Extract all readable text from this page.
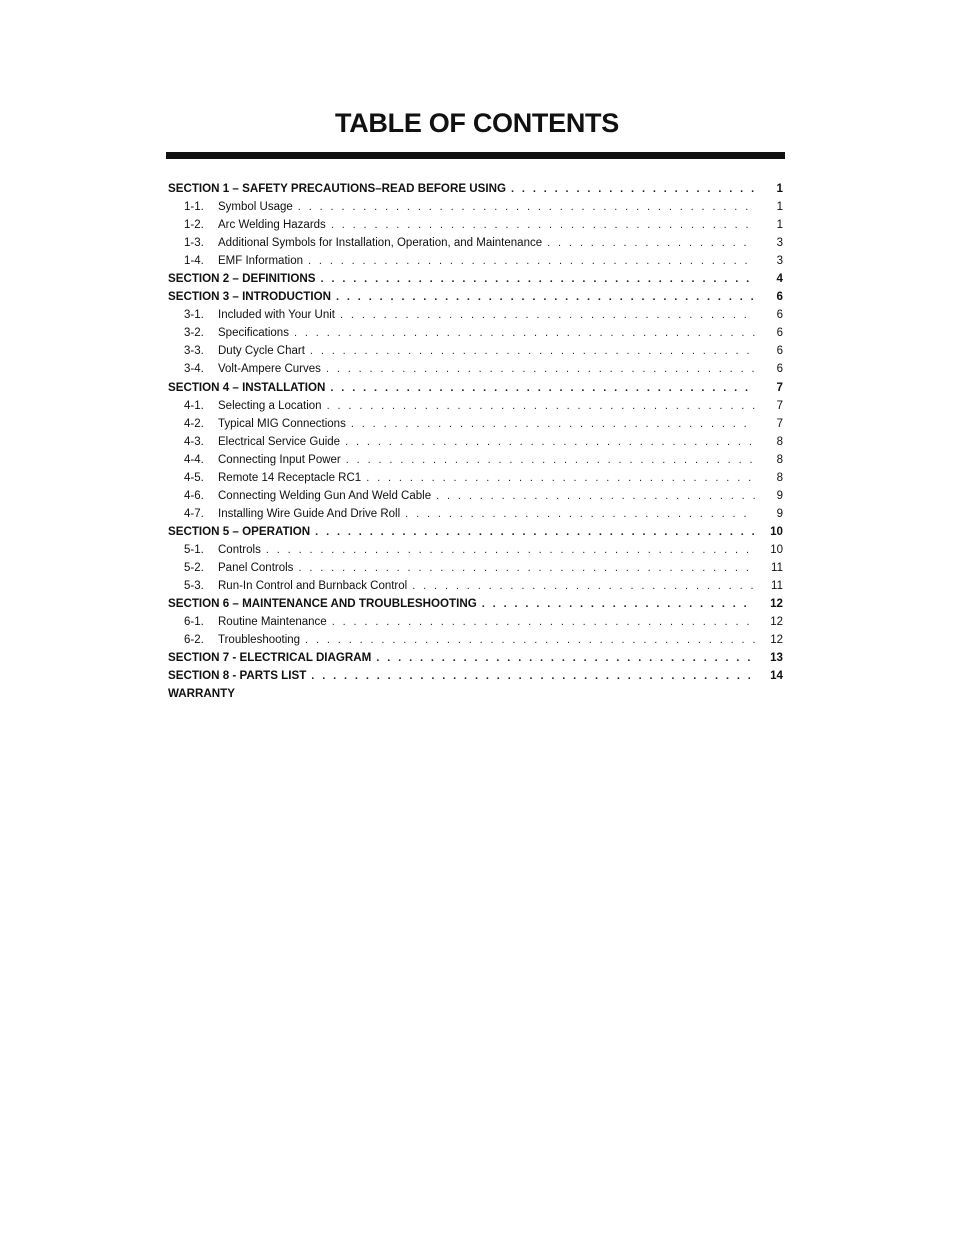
TABLE OF CONTENTS
SECTION 1 – SAFETY PRECAUTIONS–READ BEFORE USING . . .	1
1-1.	Symbol Usage . . .	1
1-2.	Arc Welding Hazards . . .	1
1-3.	Additional Symbols for Installation, Operation, and Maintenance . . .	3
1-4.	EMF Information . . .	3
SECTION 2 – DEFINITIONS . . .	4
SECTION 3 – INTRODUCTION . . .	6
3-1.	Included with Your Unit . . .	6
3-2.	Specifications . . .	6
3-3.	Duty Cycle Chart . . .	6
3-4.	Volt-Ampere Curves . . .	6
SECTION 4 – INSTALLATION . . .	7
4-1.	Selecting a Location . . .	7
4-2.	Typical MIG Connections . . .	7
4-3.	Electrical Service Guide . . .	8
4-4.	Connecting Input Power . . .	8
4-5.	Remote 14 Receptacle RC1 . . .	8
4-6.	Connecting Welding Gun And Weld Cable . . .	9
4-7.	Installing Wire Guide And Drive Roll . . .	9
SECTION 5 – OPERATION . . .	10
5-1.	Controls . . .	10
5-2.	Panel Controls . . .	11
5-3.	Run-In Control and Burnback Control . . .	11
SECTION 6 – MAINTENANCE AND TROUBLESHOOTING . . .	12
6-1.	Routine Maintenance . . .	12
6-2.	Troubleshooting . . .	12
SECTION 7 - ELECTRICAL DIAGRAM . . .	13
SECTION 8 - PARTS LIST . . .	14
WARRANTY
